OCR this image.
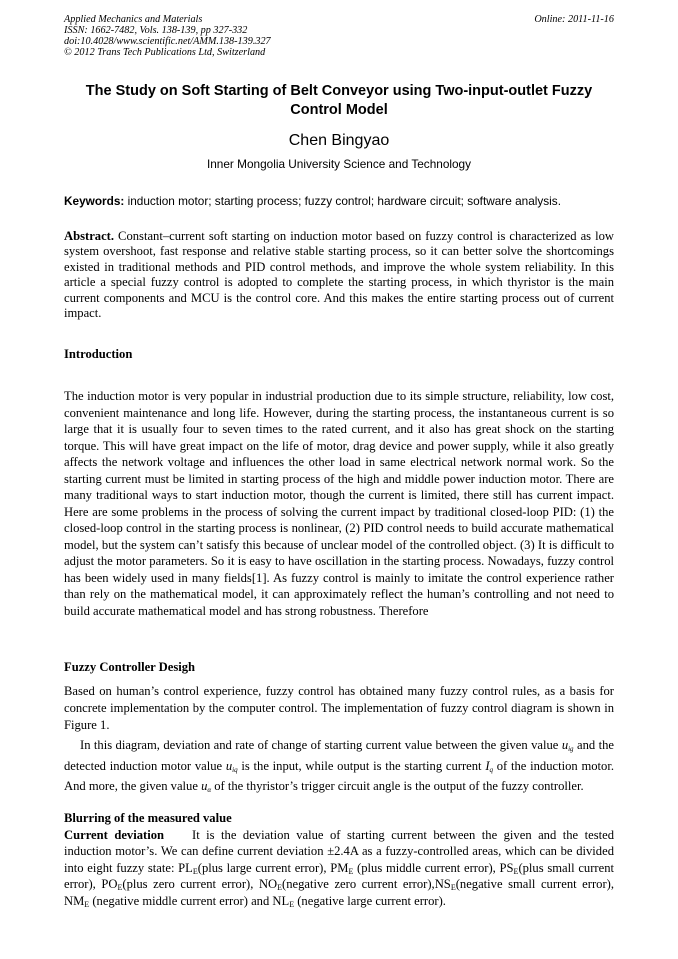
Applied Mechanics and Materials
ISSN: 1662-7482, Vols. 138-139, pp 327-332
doi:10.4028/www.scientific.net/AMM.138-139.327
© 2012 Trans Tech Publications Ltd, Switzerland
Online: 2011-11-16
The Study on Soft Starting of Belt Conveyor using Two-input-outlet Fuzzy Control Model
Chen Bingyao
Inner Mongolia University Science and Technology
Keywords: induction motor; starting process; fuzzy control; hardware circuit; software analysis.
Abstract. Constant–current soft starting on induction motor based on fuzzy control is characterized as low system overshoot, fast response and relative stable starting process, so it can better solve the shortcomings existed in traditional methods and PID control methods, and improve the whole system reliability. In this article a special fuzzy control is adopted to complete the starting process, in which thyristor is the main current components and MCU is the control core. And this makes the entire starting process out of current impact.
Introduction
The induction motor is very popular in industrial production due to its simple structure, reliability, low cost, convenient maintenance and long life. However, during the starting process, the instantaneous current is so large that it is usually four to seven times to the rated current, and it also has great shock on the starting torque. This will have great impact on the life of motor, drag device and power supply, while it also greatly affects the network voltage and influences the other load in same electrical network normal work. So the starting current must be limited in starting process of the high and middle power induction motor. There are many traditional ways to start induction motor, though the current is limited, there still has current impact. Here are some problems in the process of solving the current impact by traditional closed-loop PID: (1) the closed-loop control in the starting process is nonlinear, (2) PID control needs to build accurate mathematical model, but the system can’t satisfy this because of unclear model of the controlled object. (3) It is difficult to adjust the motor parameters. So it is easy to have oscillation in the starting process. Nowadays, fuzzy control has been widely used in many fields[1]. As fuzzy control is mainly to imitate the control experience rather than rely on the mathematical model, it can approximately reflect the human’s controlling and not need to build accurate mathematical model and has strong robustness. Therefore
Fuzzy Controller Desigh
Based on human’s control experience, fuzzy control has obtained many fuzzy control rules, as a basis for concrete implementation by the computer control. The implementation of fuzzy control diagram is shown in Figure 1.
In this diagram, deviation and rate of change of starting current value between the given value $u_{ig}$ and the detected induction motor value $u_{iq}$ is the input, while output is the starting current $I_q$ of the induction motor. And more, the given value $u_\alpha$ of the thyristor’s trigger circuit angle is the output of the fuzzy controller.
Blurring of the measured value
Current deviation It is the deviation value of starting current between the given and the tested induction motor’s. We can define current deviation ±2.4A as a fuzzy-controlled areas, which can be divided into eight fuzzy state: $PL_E(plus$ large current error), $PM_E$ (plus middle current error), $PS_E(plus$ small current error), $PO_E(plus$ zero current error), $NO_E(negative$ zero current $error),NS_E(negative$ small current error), $NM_E$ (negative middle current error) and $NL_E$ (negative large current error).
